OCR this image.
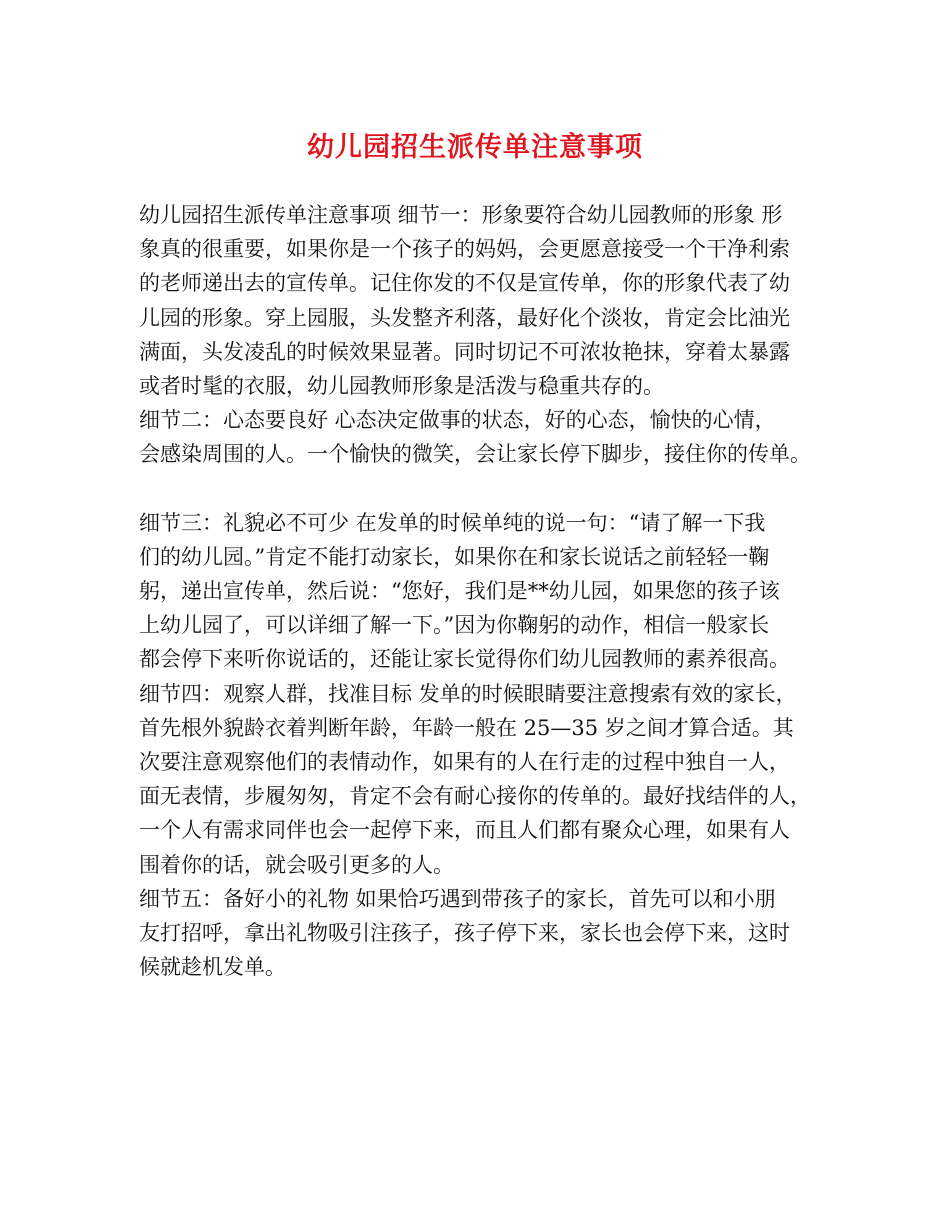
幼儿园招生派传单注意事项
幼儿园招生派传单注意事项 细节一：形象要符合幼儿园教师的形象 形
象真的很重要，如果你是一个孩子的妈妈，会更愿意接受一个干净利索
的老师递出去的宣传单。记住你发的不仅是宣传单，你的形象代表了幼
儿园的形象。穿上园服，头发整齐利落，最好化个淡妆，肯定会比油光
满面，头发凌乱的时候效果显著。同时切记不可浓妆艳抹，穿着太暴露
或者时髦的衣服，幼儿园教师形象是活泼与稳重共存的。
细节二：心态要良好 心态决定做事的状态，好的心态，愉快的心情，
会感染周围的人。一个愉快的微笑，会让家长停下脚步，接住你的传单。
细节三：礼貌必不可少 在发单的时候单纯的说一句：“请了解一下我
们的幼儿园。”肯定不能打动家长，如果你在和家长说话之前轻轻一鞠
躬，递出宣传单，然后说：“您好，我们是**幼儿园，如果您的孩子该
上幼儿园了，可以详细了解一下。”因为你鞠躬的动作，相信一般家长
都会停下来听你说话的，还能让家长觉得你们幼儿园教师的素养很高。
细节四：观察人群，找准目标 发单的时候眼睛要注意搜索有效的家长，
首先根外貌龄衣着判断年龄，年龄一般在 25—35 岁之间才算合适。其
次要注意观察他们的表情动作，如果有的人在行走的过程中独自一人，
面无表情，步履匆匆，肯定不会有耐心接你的传单的。最好找结伴的人，
一个人有需求同伴也会一起停下来，而且人们都有聚众心理，如果有人
围着你的话，就会吸引更多的人。
细节五：备好小的礼物 如果恰巧遇到带孩子的家长，首先可以和小朋
友打招呼，拿出礼物吸引注孩子，孩子停下来，家长也会停下来，这时
候就趁机发单。
